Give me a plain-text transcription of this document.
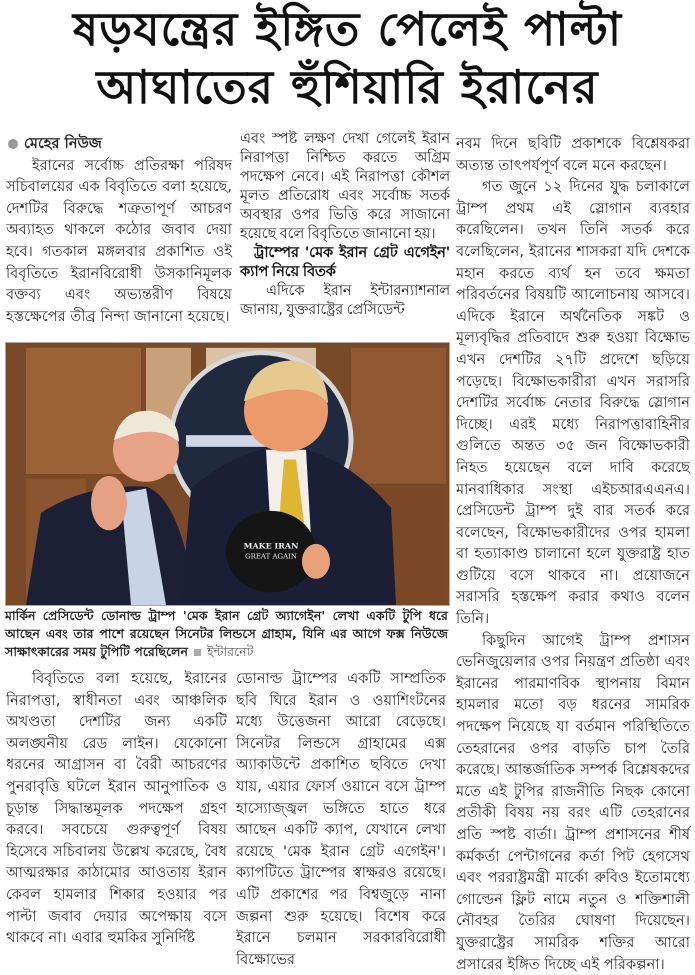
ষড়যন্ত্রের ইঙ্গিত পেলেই পাল্টা
আঘাতের হুঁশিয়ারি ইরানের

মেহের নিউজ

ইরানের সর্বোচ্চ প্রতিরক্ষা পরিষদ সচিবালয়ের এক বিবৃতিতে বলা হয়েছে, দেশটির বিরুদ্ধে শত্রুতাপূর্ণ আচরণ অব্যাহত থাকলে কঠোর জবাব দেয়া হবে। গতকাল মঙ্গলবার প্রকাশিত ওই বিবৃতিতে ইরানবিরোধী উসকানিমূলক বক্তব্য এবং অভ্যন্তরীণ বিষয়ে হস্তক্ষেপের তীব্র নিন্দা জানানো হয়েছে।

এবং স্পষ্ট লক্ষণ দেখা গেলেই ইরান নিরাপত্তা নিশ্চিত করতে অগ্রিম পদক্ষেপ নেবে। এই নিরাপত্তা কৌশল মূলত প্রতিরোধ এবং সর্বোচ্চ সতর্ক অবস্থার ওপর ভিত্তি করে সাজানো হয়েছে বলে বিবৃতিতে জানানো হয়।

ট্রাম্পের 'মেক ইরান গ্রেট এগেইন' ক্যাপ নিয়ে বিতর্ক

এদিকে ইরান ইন্টারন্যাশনাল জানায়, যুক্তরাষ্ট্রের প্রেসিডেন্ট

নবম দিনে ছবিটি প্রকাশকে বিশ্লেষকরা অত্যন্ত তাৎপর্যপূর্ণ বলে মনে করছেন।

গত জুনে ১২ দিনের যুদ্ধ চলাকালে ট্রাম্প প্রথম এই স্লোগান ব্যবহার করেছিলেন। তখন তিনি সতর্ক করে বলেছিলেন, ইরানের শাসকরা যদি দেশকে মহান করতে ব্যর্থ হন তবে ক্ষমতা পরিবর্তনের বিষয়টি আলোচনায় আসবে। এদিকে ইরানে অর্থনৈতিক সঙ্কট ও মূল্যবৃদ্ধির প্রতিবাদে শুরু হওয়া বিক্ষোভ এখন দেশটির ২৭টি প্রদেশে ছড়িয়ে পড়েছে। বিক্ষোভকারীরা এখন সরাসরি দেশটির সর্বোচ্চ নেতার বিরুদ্ধে স্লোগান দিচ্ছে। এরই মধ্যে নিরাপত্তাবাহিনীর গুলিতে অন্তত ৩৫ জন বিক্ষোভকারী নিহত হয়েছেন বলে দাবি করেছে মানবাধিকার সংস্থা এইচআরএএনএ। প্রেসিডেন্ট ট্রাম্প দুই বার সতর্ক করে বলেছেন, বিক্ষোভকারীদের ওপর হামলা বা হত্যাকাণ্ড চালানো হলে যুক্তরাষ্ট্র হাত গুটিয়ে বসে থাকবে না। প্রয়োজনে সরাসরি হস্তক্ষেপ করার কথাও বলেন তিনি।

কিছুদিন আগেই ট্রাম্প প্রশাসন ভেনিজুয়েলার ওপর নিয়ন্ত্রণ প্রতিষ্ঠা এবং ইরানের পারমাণবিক স্থাপনায় বিমান হামলার মতো বড় ধরনের সামরিক পদক্ষেপ নিয়েছে যা বর্তমান পরিস্থিতিতে তেহরানের ওপর বাড়তি চাপ তৈরি করেছে। আন্তর্জাতিক সম্পর্ক বিশ্লেষকদের মতে এই টুপির রাজনীতি নিছক কোনো প্রতীকী বিষয় নয় বরং এটি তেহরানের প্রতি স্পষ্ট বার্তা। ট্রাম্প প্রশাসনের শীর্ষ কর্মকর্তা পেন্টাগনের কর্তা পিট হেগসেথ এবং পররাষ্ট্রমন্ত্রী মার্কো রুবিও ইতোমধ্যে গোল্ডেন ফ্লিট নামে নতুন ও শক্তিশালী নৌবহর তৈরির ঘোষণা দিয়েছেন। যুক্তরাষ্ট্রের সামরিক শক্তির আরো প্রসারের ইঙ্গিত দিচ্ছে এই পরিকল্পনা।

MAKE IRAN
GREAT AGAIN
মার্কিন প্রেসিডেন্ট ডোনাল্ড ট্রাম্প 'মেক ইরান গ্রেট অ্যাগেইন' লেখা একটি টুপি ধরে আছেন এবং তার পাশে রয়েছেন সিনেটর লিন্ডসে গ্রাহাম, যিনি এর আগে ফক্স নিউজে সাক্ষাৎকারের সময় টুপিটি পরেছিলেন ইন্টারনেট

বিবৃতিতে বলা হয়েছে, ইরানের নিরাপত্তা, স্বাধীনতা এবং আঞ্চলিক অখণ্ডতা দেশটির জন্য একটি অলঙ্ঘনীয় রেড লাইন। যেকোনো ধরনের আগ্রাসন বা বৈরী আচরণের পুনরাবৃত্তি ঘটলে ইরান আনুপাতিক ও চূড়ান্ত সিদ্ধান্তমূলক পদক্ষেপ গ্রহণ করবে। সবচেয়ে গুরুত্বপূর্ণ বিষয় হিসেবে সচিবালয় উল্লেখ করেছে, বৈধ আত্মরক্ষার কাঠামোর আওতায় ইরান কেবল হামলার শিকার হওয়ার পর পাল্টা জবাব দেয়ার অপেক্ষায় বসে থাকবে না। এবার হুমকির সুনির্দিষ্ট

ডোনাল্ড ট্রাম্পের একটি সাম্প্রতিক ছবি ঘিরে ইরান ও ওয়াশিংটনের মধ্যে উত্তেজনা আরো বেড়েছে। সিনেটর লিন্ডসে গ্রাহামের এক্স অ্যাকাউন্টে প্রকাশিত ছবিতে দেখা যায়, এয়ার ফোর্স ওয়ানে বসে ট্রাম্প হাস্যোজ্জ্বল ভঙ্গিতে হাতে ধরে আছেন একটি ক্যাপ, যেখানে লেখা রয়েছে 'মেক ইরান গ্রেট এগেইন'। ক্যাপটিতে ট্রাম্পের স্বাক্ষরও রয়েছে। এটি প্রকাশের পর বিশ্বজুড়ে নানা জল্পনা শুরু হয়েছে। বিশেষ করে ইরানে চলমান সরকারবিরোধী বিক্ষোভের
